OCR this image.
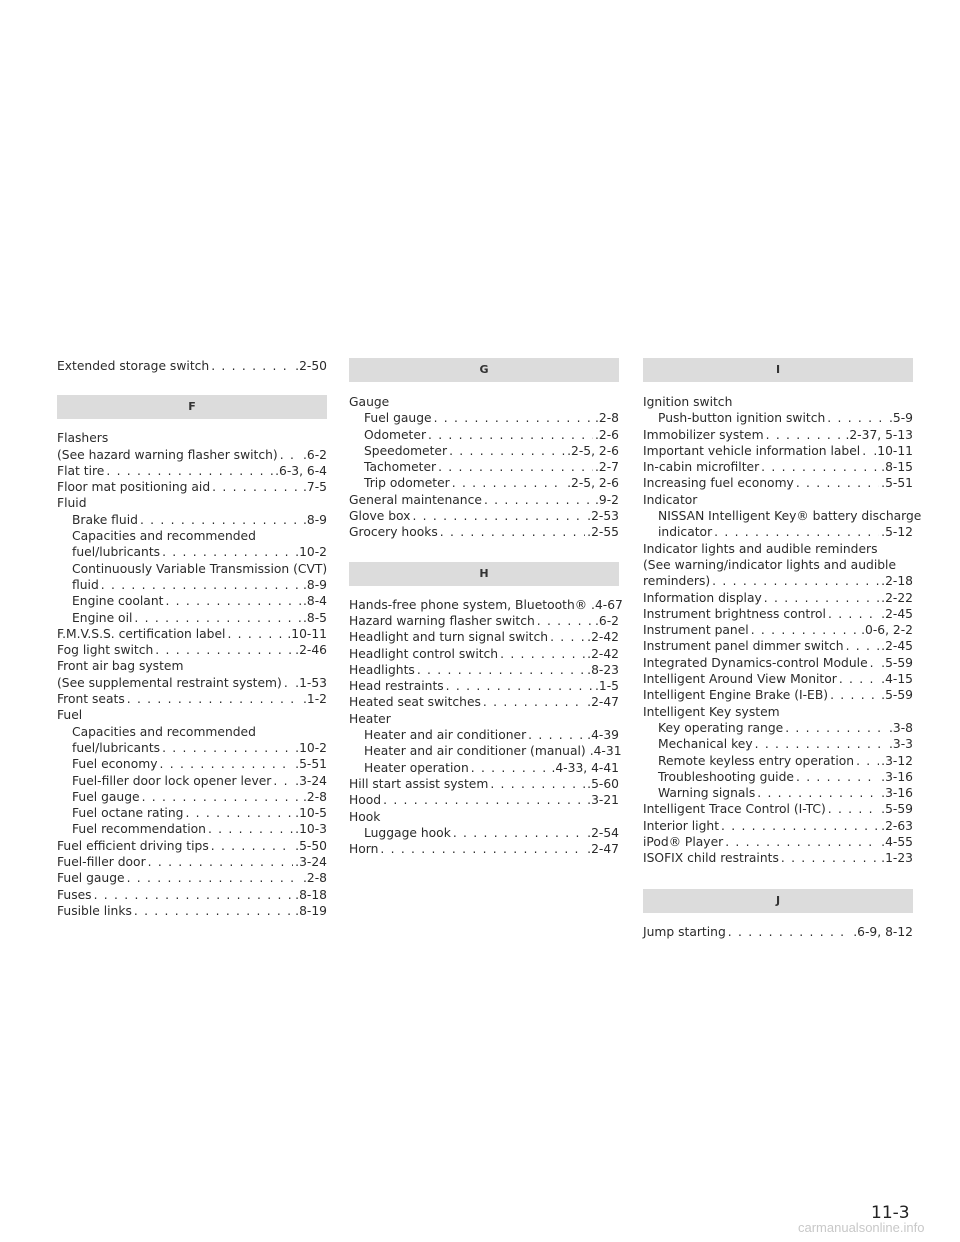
Extended storage switch . . .	.2-50
F
Flashers
(See hazard warning flasher switch) . . . .6-2
Flat tire . . .	.6-3, 6-4
Floor mat positioning aid . . .	.7-5
Fluid
Brake fluid . . .	.8-9
Capacities and recommended
fuel/lubricants . . .	.10-2
Continuously Variable Transmission (CVT)
fluid . . .	.8-9
Engine coolant . . .	.8-4
Engine oil . . .	.8-5
F.M.V.S.S. certification label . . .	.10-11
Fog light switch . . .	.2-46
Front air bag system
(See supplemental restraint system) . . . .1-53
Front seats . . .	.1-2
Fuel
Capacities and recommended
fuel/lubricants . . .	.10-2
Fuel economy . . .	.5-51
Fuel-filler door lock opener lever . . . .3-24
Fuel gauge . . .	.2-8
Fuel octane rating . . .	.10-5
Fuel recommendation . . .	.10-3
Fuel efficient driving tips . . .	.5-50
Fuel-filler door . . .	.3-24
Fuel gauge . . .	.2-8
Fuses . . .	.8-18
Fusible links . . .	.8-19
G
Gauge
Fuel gauge . . .	.2-8
Odometer . . .	.2-6
Speedometer . . .	.2-5, 2-6
Tachometer . . .	.2-7
Trip odometer . . .	.2-5, 2-6
General maintenance . . .	.9-2
Glove box . . .	.2-53
Grocery hooks . . .	.2-55
H
Hands-free phone system, Bluetooth® .4-67
Hazard warning flasher switch . . .	.6-2
Headlight and turn signal switch . . .	.2-42
Headlight control switch . . .	.2-42
Headlights . . .	.8-23
Head restraints . . .	.1-5
Heated seat switches . . .	.2-47
Heater
Heater and air conditioner . . .	.4-39
Heater and air conditioner (manual) .4-31
Heater operation . . .	.4-33, 4-41
Hill start assist system . . .	.5-60
Hood . . .	.3-21
Hook
Luggage hook . . .	.2-54
Horn . . .	.2-47
I
Ignition switch
Push-button ignition switch . . .	.5-9
Immobilizer system . . .	.2-37, 5-13
Important vehicle information label . . . .10-11
In-cabin microfilter . . .	.8-15
Increasing fuel economy . . .	.5-51
Indicator
NISSAN Intelligent Key® battery discharge
indicator . . .	.5-12
Indicator lights and audible reminders
(See warning/indicator lights and audible
reminders) . . .	.2-18
Information display . . .	.2-22
Instrument brightness control . . .	.2-45
Instrument panel . . .	.0-6, 2-2
Instrument panel dimmer switch . . .	.2-45
Integrated Dynamics-control Module . . . .5-59
Intelligent Around View Monitor . . .	.4-15
Intelligent Engine Brake (I-EB) . . .	.5-59
Intelligent Key system
Key operating range . . .	.3-8
Mechanical key . . .	.3-3
Remote keyless entry operation . . . .3-12
Troubleshooting guide . . .	.3-16
Warning signals . . .	.3-16
Intelligent Trace Control (I-TC) . . .	.5-59
Interior light . . .	.2-63
iPod® Player . . .	.4-55
ISOFIX child restraints . . .	.1-23
J
Jump starting . . .	.6-9, 8-12
11-3
carmanualsonline.info
